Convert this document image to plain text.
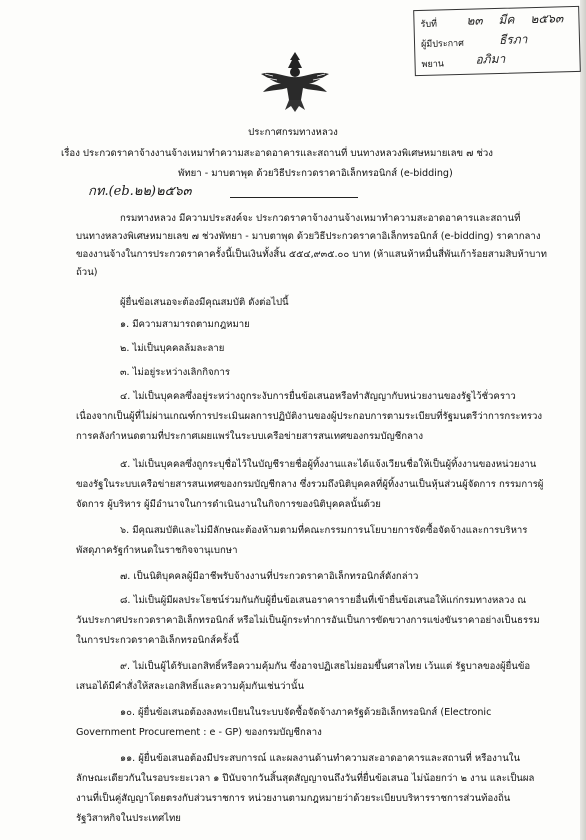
รับที่ ๒๓ มีค ๒๕๖๓
ผู้มีประกาศ	ธีรภา
พยาน	อภิมา
ประกาศกรมทางหลวง
เรื่อง ประกวดราคาจ้างงานจ้างเหมาทำความสะอาดอาคารและสถานที่ บนทางหลวงพิเศษหมายเลข ๗ ช่วง
พัทยา - มาบตาพุด ด้วยวิธีประกวดราคาอิเล็กทรอนิกส์ (e-bidding)
กท.(eb.๒๒)๒๕๖๓
กรมทางหลวง มีความประสงค์จะ ประกวดราคาจ้างงานจ้างเหมาทำความสะอาดอาคารและสถานที่
บนทางหลวงพิเศษหมายเลข ๗ ช่วงพัทยา - มาบตาพุด ด้วยวิธีประกวดราคาอิเล็กทรอนิกส์ (e-bidding) ราคากลาง
ของงานจ้างในการประกวดราคาครั้งนี้เป็นเงินทั้งสิ้น ๕๕๔,๙๓๕.๐๐ บาท (ห้าแสนห้าหมื่นสี่พันเก้าร้อยสามสิบห้าบาท
ถ้วน)
ผู้ยื่นข้อเสนอจะต้องมีคุณสมบัติ ดังต่อไปนี้
๑. มีความสามารถตามกฎหมาย
๒. ไม่เป็นบุคคลล้มละลาย
๓. ไม่อยู่ระหว่างเลิกกิจการ
๔. ไม่เป็นบุคคลซึ่งอยู่ระหว่างถูกระงับการยื่นข้อเสนอหรือทำสัญญากับหน่วยงานของรัฐไว้ชั่วคราว
เนื่องจากเป็นผู้ที่ไม่ผ่านเกณฑ์การประเมินผลการปฏิบัติงานของผู้ประกอบการตามระเบียบที่รัฐมนตรีว่าการกระทรวง
การคลังกำหนดตามที่ประกาศเผยแพร่ในระบบเครือข่ายสารสนเทศของกรมบัญชีกลาง
๕. ไม่เป็นบุคคลซึ่งถูกระบุชื่อไว้ในบัญชีรายชื่อผู้ทิ้งงานและได้แจ้งเวียนชื่อให้เป็นผู้ทิ้งงานของหน่วยงาน
ของรัฐในระบบเครือข่ายสารสนเทศของกรมบัญชีกลาง ซึ่งรวมถึงนิติบุคคลที่ผู้ทิ้งงานเป็นหุ้นส่วนผู้จัดการ กรรมการผู้
จัดการ ผู้บริหาร ผู้มีอำนาจในการดำเนินงานในกิจการของนิติบุคคลนั้นด้วย
๖. มีคุณสมบัติและไม่มีลักษณะต้องห้ามตามที่คณะกรรมการนโยบายการจัดซื้อจัดจ้างและการบริหาร
พัสดุภาครัฐกำหนดในราชกิจจานุเบกษา
๗. เป็นนิติบุคคลผู้มีอาชีพรับจ้างงานที่ประกวดราคาอิเล็กทรอนิกส์ดังกล่าว
๘. ไม่เป็นผู้มีผลประโยชน์ร่วมกันกับผู้ยื่นข้อเสนอราคารายอื่นที่เข้ายื่นข้อเสนอให้แก่กรมทางหลวง ณ
วันประกาศประกวดราคาอิเล็กทรอนิกส์ หรือไม่เป็นผู้กระทำการอันเป็นการขัดขวางการแข่งขันราคาอย่างเป็นธรรม
ในการประกวดราคาอิเล็กทรอนิกส์ครั้งนี้
๙. ไม่เป็นผู้ได้รับเอกสิทธิ์หรือความคุ้มกัน ซึ่งอาจปฏิเสธไม่ยอมขึ้นศาลไทย เว้นแต่ รัฐบาลของผู้ยื่นข้อ
เสนอได้มีคำสั่งให้สละเอกสิทธิ์และความคุ้มกันเช่นว่านั้น
๑๐. ผู้ยื่นข้อเสนอต้องลงทะเบียนในระบบจัดซื้อจัดจ้างภาครัฐด้วยอิเล็กทรอนิกส์ (Electronic
Government Procurement : e - GP) ของกรมบัญชีกลาง
๑๑. ผู้ยื่นข้อเสนอต้องมีประสบการณ์ และผลงานด้านทำความสะอาดอาคารและสถานที่ หรืองานใน
ลักษณะเดียวกันในรอบระยะเวลา ๑ ปีนับจากวันสิ้นสุดสัญญาจนถึงวันที่ยื่นข้อเสนอ ไม่น้อยกว่า ๒ งาน และเป็นผล
งานที่เป็นคู่สัญญาโดยตรงกับส่วนราชการ หน่วยงานตามกฎหมายว่าด้วยระเบียบบริหารราชการส่วนท้องถิ่น
รัฐวิสาหกิจในประเทศไทย
